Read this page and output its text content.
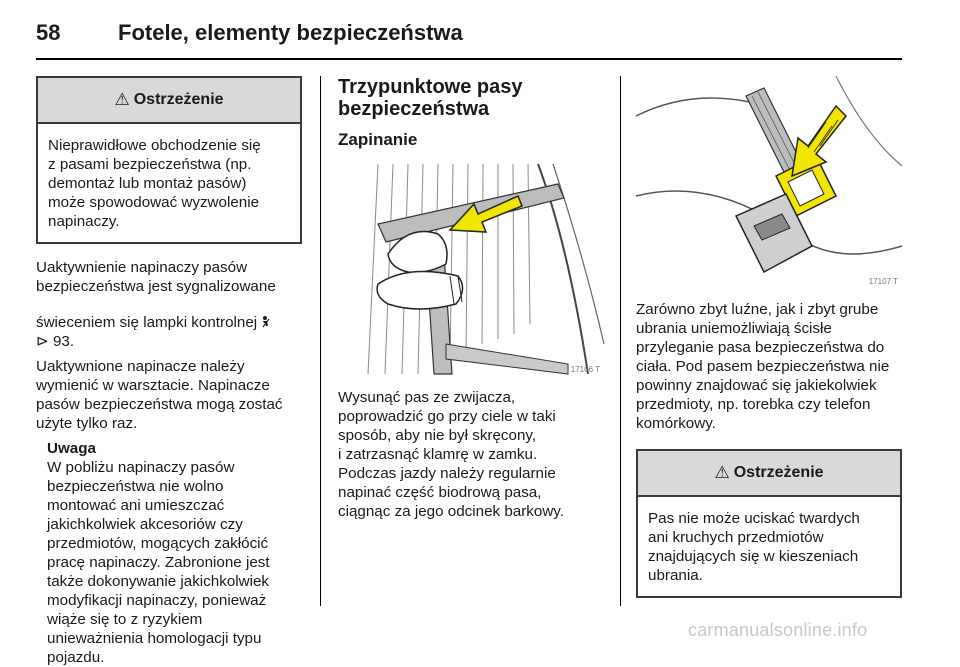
58	Fotele, elementy bezpieczeństwa
⚠ Ostrzeżenie
Nieprawidłowe obchodzenie się
z pasami bezpieczeństwa (np.
demontaż lub montaż pasów)
może spowodować wyzwolenie
napinaczy.
Uaktywnienie napinaczy pasów
bezpieczeństwa jest sygnalizowane
świeceniem się lampki kontrolnej

⊳ 93.
Uaktywnione napinacze należy
wymienić w warsztacie. Napinacze
pasów bezpieczeństwa mogą zostać
użyte tylko raz.
Uwaga
W pobliżu napinaczy pasów
bezpieczeństwa nie wolno
montować ani umieszczać
jakichkolwiek akcesoriów czy
przedmiotów, mogących zakłócić
pracę napinaczy. Zabronione jest
także dokonywanie jakichkolwiek
modyfikacji napinaczy, ponieważ
wiąże się to z ryzykiem
unieważnienia homologacji typu
pojazdu.
Trzypunktowe pasy
bezpieczeństwa
Zapinanie
17106 T
Wysunąć pas ze zwijacza,
poprowadzić go przy ciele w taki
sposób, aby nie był skręcony,
i zatrzasnąć klamrę w zamku.
Podczas jazdy należy regularnie
napinać część biodrową pasa,
ciągnąc za jego odcinek barkowy.
17107 T
Zarówno zbyt luźne, jak i zbyt grube
ubrania uniemożliwiają ścisłe
przyleganie pasa bezpieczeństwa do
ciała. Pod pasem bezpieczeństwa nie
powinny znajdować się jakiekolwiek
przedmioty, np. torebka czy telefon
komórkowy.
⚠ Ostrzeżenie
Pas nie może uciskać twardych
ani kruchych przedmiotów
znajdujących się w kieszeniach
ubrania.
carmanualsonline.info
